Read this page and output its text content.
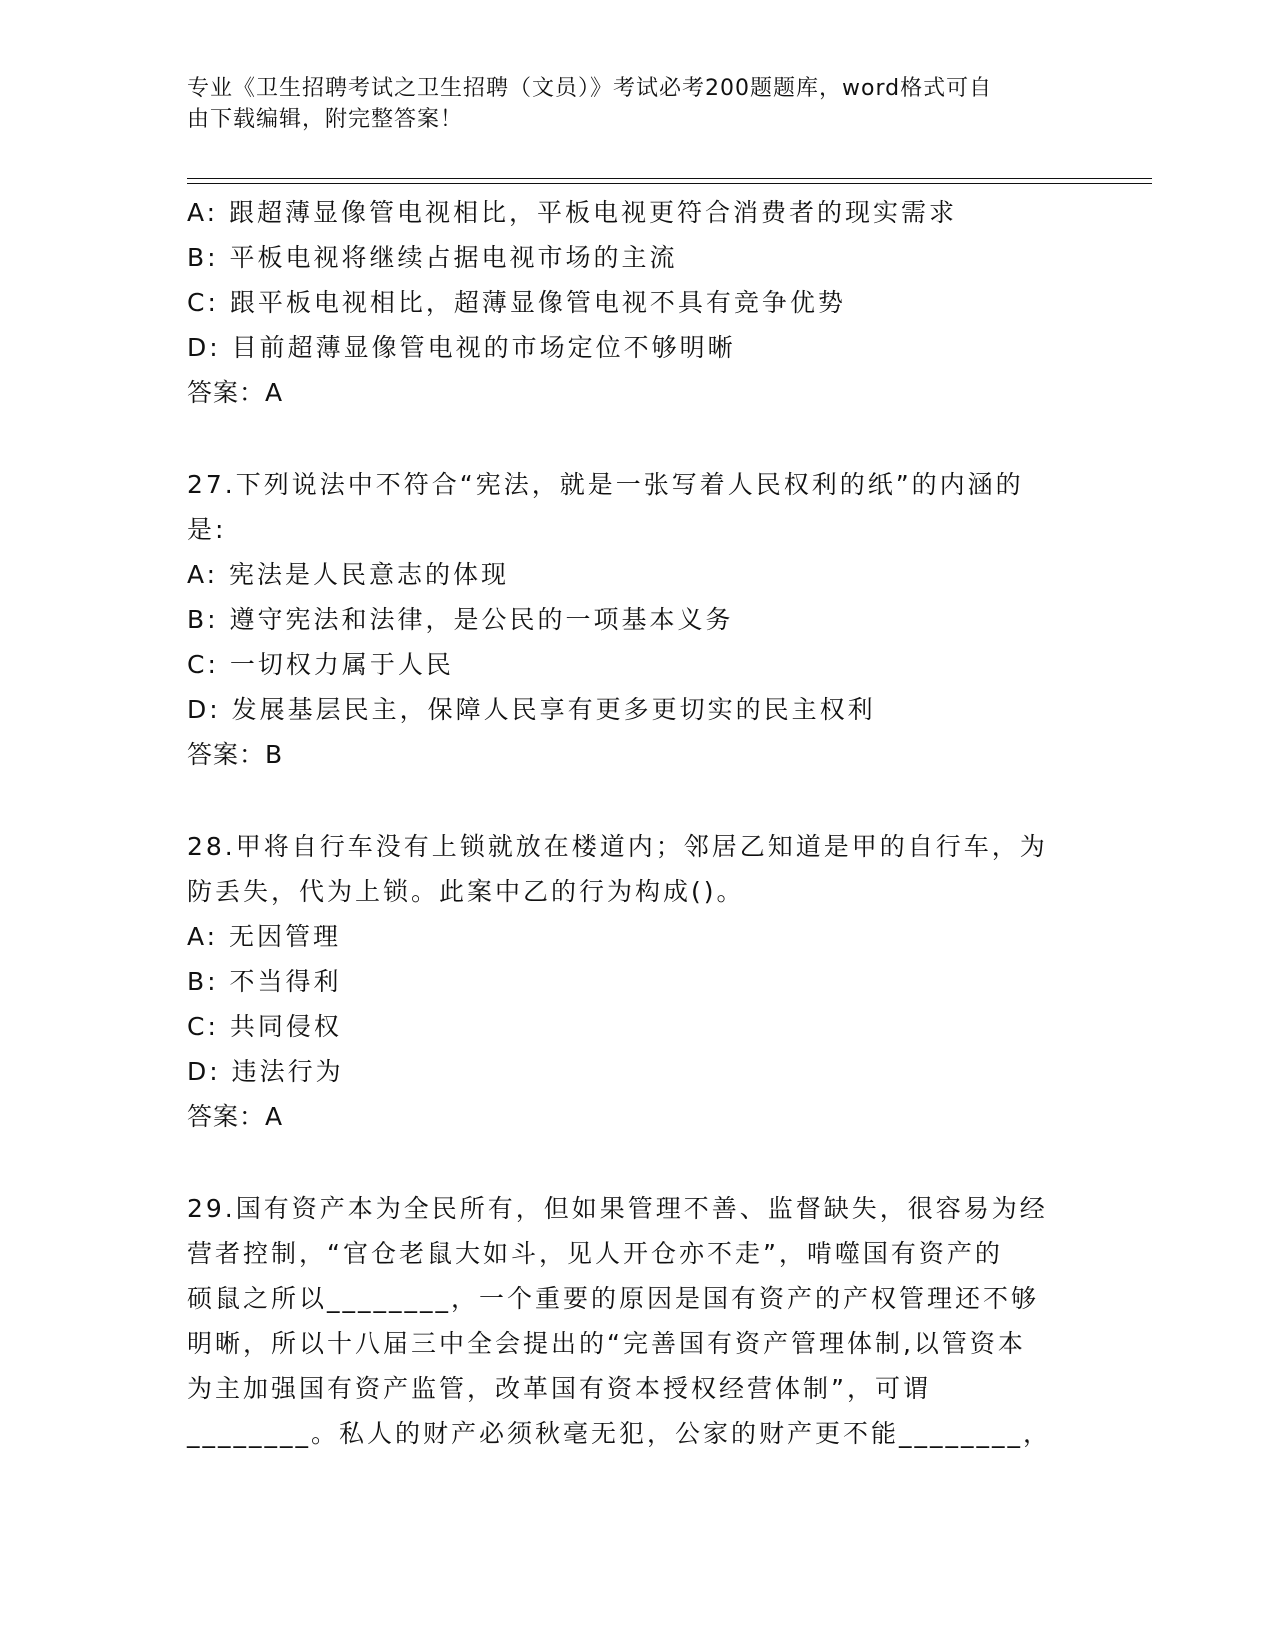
专业《卫生招聘考试之卫生招聘（文员）》考试必考200题题库，word格式可自
由下载编辑，附完整答案！
A: 跟超薄显像管电视相比，平板电视更符合消费者的现实需求
B: 平板电视将继续占据电视市场的主流
C: 跟平板电视相比，超薄显像管电视不具有竞争优势
D: 目前超薄显像管电视的市场定位不够明晰
答案：A
27.下列说法中不符合“宪法，就是一张写着人民权利的纸”的内涵的
是:
A: 宪法是人民意志的体现
B: 遵守宪法和法律，是公民的一项基本义务
C: 一切权力属于人民
D: 发展基层民主，保障人民享有更多更切实的民主权利
答案：B
28.甲将自行车没有上锁就放在楼道内；邻居乙知道是甲的自行车，为
防丢失，代为上锁。此案中乙的行为构成()。
A: 无因管理
B: 不当得利
C: 共同侵权
D: 违法行为
答案：A
29.国有资产本为全民所有，但如果管理不善、监督缺失，很容易为经
营者控制，“官仓老鼠大如斗，见人开仓亦不走”，啃噬国有资产的
硕鼠之所以________，一个重要的原因是国有资产的产权管理还不够
明晰，所以十八届三中全会提出的“完善国有资产管理体制,以管资本
为主加强国有资产监管，改革国有资本授权经营体制”，可谓
________。私人的财产必须秋毫无犯，公家的财产更不能________，
